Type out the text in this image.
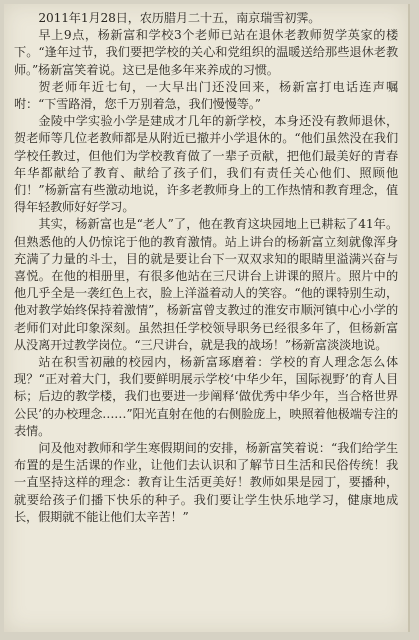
2011年1月28日，农历腊月二十五，南京瑞雪初霁。

早上9点，杨新富和学校3个老师已站在退休老教师贺学英家的楼下。“逢年过节，我们要把学校的关心和党组织的温暖送给那些退休老教师。”杨新富笑着说。这已是他多年来养成的习惯。

贺老师年近七旬，一大早出门还没回来，杨新富打电话连声嘱咐：“下雪路滑，您千万别着急，我们慢慢等。”

金陵中学实验小学是建成才几年的新学校，本身还没有教师退休，贺老师等几位老教师都是从附近已撤并小学退休的。“他们虽然没在我们学校任教过，但他们为学校教育做了一辈子贡献，把他们最美好的青春年华都献给了教育、献给了孩子们，我们有责任关心他们、照顾他们！”杨新富有些激动地说，许多老教师身上的工作热情和教育理念，值得年轻教师好好学习。

其实，杨新富也是“老人”了，他在教育这块园地上已耕耘了41年。但熟悉他的人仍惊诧于他的教育激情。站上讲台的杨新富立刻就像浑身充满了力量的斗士，目的就是要让台下一双双求知的眼睛里溢满兴奋与喜悦。在他的相册里，有很多他站在三尺讲台上讲课的照片。照片中的他几乎全是一袭红色上衣，脸上洋溢着动人的笑容。“他的课特别生动，他对教学始终保持着激情”，杨新富曾支教过的淮安市顺河镇中心小学的老师们对此印象深刻。虽然担任学校领导职务已经很多年了，但杨新富从没离开过教学岗位。“三尺讲台，就是我的战场！”杨新富淡淡地说。

站在积雪初融的校园内，杨新富琢磨着：学校的育人理念怎么体现？“正对着大门，我们要鲜明展示学校‘中华少年，国际视野’的育人目标；后边的教学楼，我们也要进一步阐释‘做优秀中华少年，当合格世界公民’的办校理念……”阳光直射在他的右侧脸庞上，映照着他极端专注的表情。

问及他对教师和学生寒假期间的安排，杨新富笑着说：“我们给学生布置的是生活课的作业，让他们去认识和了解节日生活和民俗传统！我一直坚持这样的理念：教育让生活更美好！教师如果是园丁，要播种，就要给孩子们播下快乐的种子。我们要让学生快乐地学习，健康地成长，假期就不能让他们太辛苦！”
